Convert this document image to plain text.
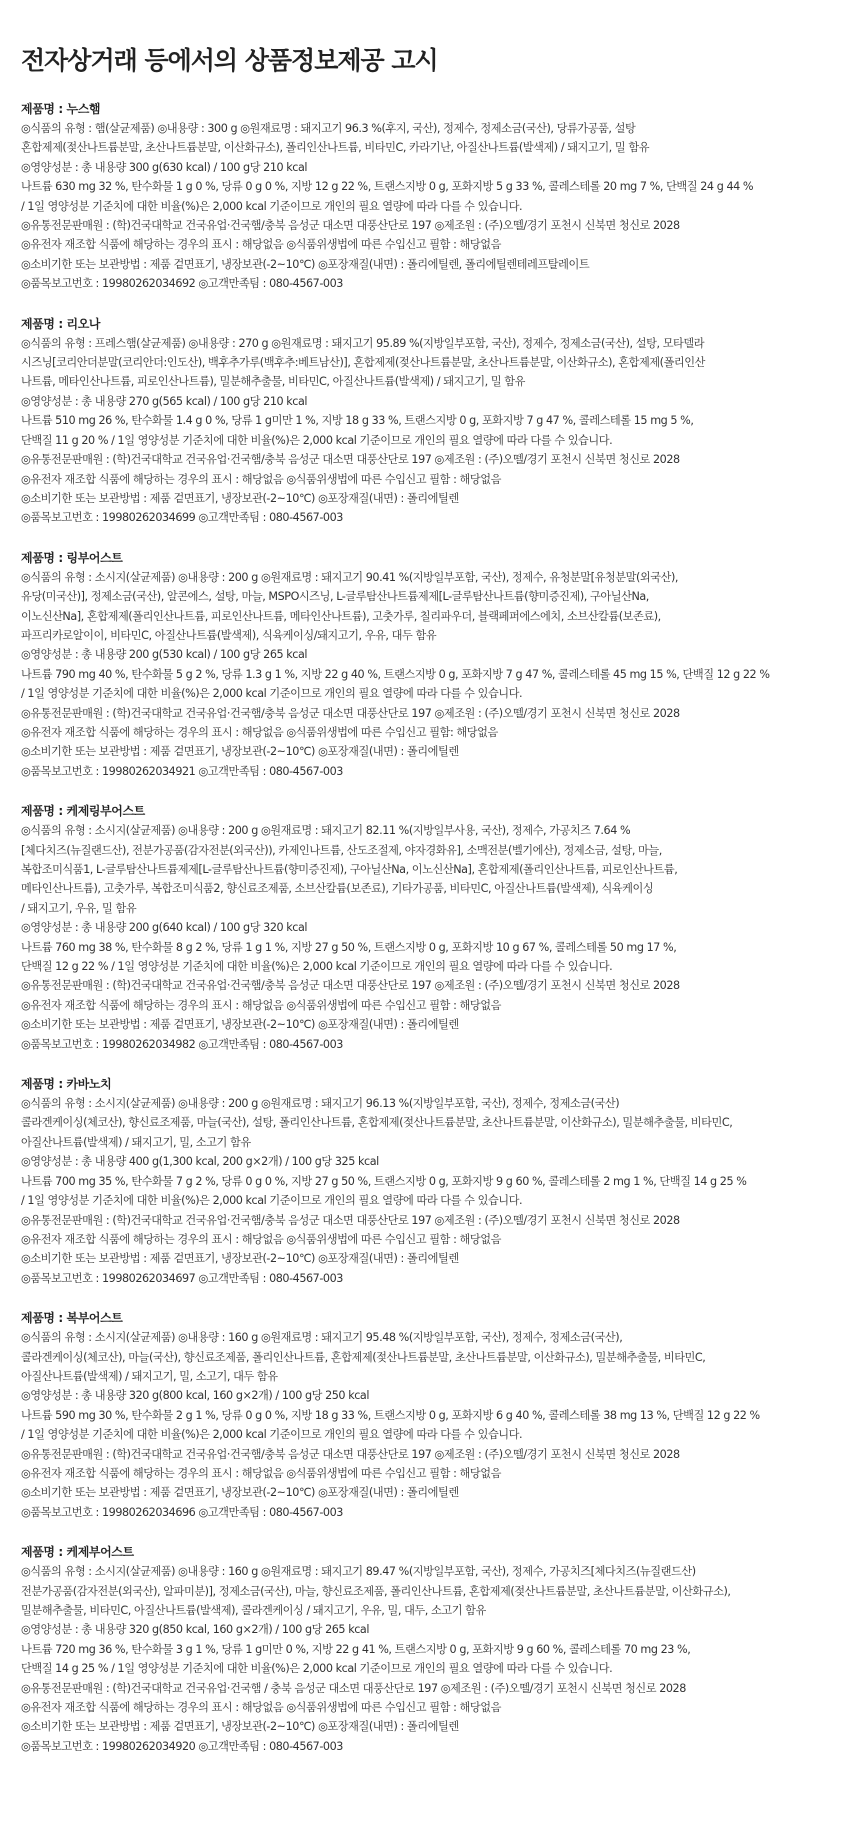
전자상거래 등에서의 상품정보제공 고시
제품명 : 누스햄

◎식품의 유형 : 햄(살균제품) ◎내용량 : 300 g ◎원재료명 : 돼지고기 96.3 %(후지, 국산), 정제수, 정제소금(국산), 당류가공품, 설탕

혼합제제(젖산나트륨분말, 초산나트륨분말, 이산화규소), 폴리인산나트륨, 비타민C, 카라기난, 아질산나트륨(발색제) / 돼지고기, 밀 함유

◎영양성분 : 총 내용량 300 g(630 kcal) / 100 g당 210 kcal

나트륨 630 mg 32 %, 탄수화물 1 g 0 %, 당류 0 g 0 %, 지방 12 g 22 %, 트랜스지방 0 g, 포화지방 5 g 33 %, 콜레스테롤 20 mg 7 %, 단백질 24 g 44 %

/ 1일 영양성분 기준치에 대한 비율(%)은 2,000 kcal 기준이므로 개인의 필요 열량에 따라 다를 수 있습니다.

◎유통전문판매원 : (학)건국대학교 건국유업·건국햄/충북 음성군 대소면 대풍산단로 197 ◎제조원 : (주)오뗄/경기 포천시 신북면 청신로 2028

◎유전자 재조합 식품에 해당하는 경우의 표시 : 해당없음 ◎식품위생법에 따른 수입신고 필함 : 해당없음

◎소비기한 또는 보관방법 : 제품 겉면표기, 냉장보관(-2~10℃) ◎포장재질(내면) : 폴리에틸렌, 폴리에틸렌테레프탈레이트

◎품목보고번호 : 19980262034692 ◎고객만족팀 : 080-4567-003

제품명 : 리오나

◎식품의 유형 : 프레스햄(살균제품) ◎내용량 : 270 g ◎원재료명 : 돼지고기 95.89 %(지방일부포함, 국산), 정제수, 정제소금(국산), 설탕, 모타델라

시즈닝[코리안더분말(코리안더:인도산), 백후추가루(백후추:베트남산)], 혼합제제(젖산나트륨분말, 초산나트륨분말, 이산화규소), 혼합제제(폴리인산

나트륨, 메타인산나트륨, 피로인산나트륨), 밀분해추출물, 비타민C, 아질산나트륨(발색제) / 돼지고기, 밀 함유

◎영양성분 : 총 내용량 270 g(565 kcal) / 100 g당 210 kcal

나트륨 510 mg 26 %, 탄수화물 1.4 g 0 %, 당류 1 g미만 1 %, 지방 18 g 33 %, 트랜스지방 0 g, 포화지방 7 g 47 %, 콜레스테롤 15 mg 5 %,

단백질 11 g 20 % / 1일 영양성분 기준치에 대한 비율(%)은 2,000 kcal 기준이므로 개인의 필요 열량에 따라 다를 수 있습니다.

◎유통전문판매원 : (학)건국대학교 건국유업·건국햄/충북 음성군 대소면 대풍산단로 197 ◎제조원 : (주)오뗄/경기 포천시 신북면 청신로 2028

◎유전자 재조합 식품에 해당하는 경우의 표시 : 해당없음 ◎식품위생법에 따른 수입신고 필함 : 해당없음

◎소비기한 또는 보관방법 : 제품 겉면표기, 냉장보관(-2~10℃) ◎포장재질(내면) : 폴리에틸렌

◎품목보고번호 : 19980262034699 ◎고객만족팀 : 080-4567-003

제품명 : 링부어스트

◎식품의 유형 : 소시지(살균제품) ◎내용량 : 200 g ◎원재료명 : 돼지고기 90.41 %(지방일부포함, 국산), 정제수, 유청분말[유청분말(외국산),

유당(미국산)], 정제소금(국산), 알콘에스, 설탕, 마늘, MSPO시즈닝, L-글루탐산나트륨제제[L-글루탐산나트륨(향미증진제), 구아닐산Na,

이노신산Na], 혼합제제(폴리인산나트륨, 피로인산나트륨, 메타인산나트륨), 고춧가루, 칠리파우더, 블랙페퍼에스에치, 소브산칼륨(보존료),

파프리카로알이이, 비타민C, 아질산나트륨(발색제), 식육케이싱/돼지고기, 우유, 대두 함유

◎영양성분 : 총 내용량 200 g(530 kcal) / 100 g당 265 kcal

나트륨 790 mg 40 %, 탄수화물 5 g 2 %, 당류 1.3 g 1 %, 지방 22 g 40 %, 트랜스지방 0 g, 포화지방 7 g 47 %, 콜레스테롤 45 mg 15 %, 단백질 12 g 22 %

/ 1일 영양성분 기준치에 대한 비율(%)은 2,000 kcal 기준이므로 개인의 필요 열량에 따라 다를 수 있습니다.

◎유통전문판매원 : (학)건국대학교 건국유업·건국햄/충북 음성군 대소면 대풍산단로 197 ◎제조원 : (주)오뗄/경기 포천시 신북면 청신로 2028

◎유전자 재조합 식품에 해당하는 경우의 표시 : 해당없음 ◎식품위생법에 따른 수입신고 필함: 해당없음

◎소비기한 또는 보관방법 : 제품 겉면표기, 냉장보관(-2~10℃) ◎포장재질(내면) : 폴리에틸렌

◎품목보고번호 : 19980262034921 ◎고객만족팀 : 080-4567-003

제품명 : 케제링부어스트

◎식품의 유형 : 소시지(살균제품) ◎내용량 : 200 g ◎원재료명 : 돼지고기 82.11 %(지방일부사용, 국산), 정제수, 가공치즈 7.64 %

[체다치즈(뉴질랜드산), 전분가공품(감자전분(외국산)), 카제인나트륨, 산도조절제, 야자경화유], 소맥전분(벨기에산), 정제소금, 설탕, 마늘,

복합조미식품1, L-글루탐산나트륨제제[L-글루탐산나트륨(향미증진제), 구아닐산Na, 이노신산Na], 혼합제제(폴리인산나트륨, 피로인산나트륨,

메타인산나트륨), 고춧가루, 복합조미식품2, 향신료조제품, 소브산칼륨(보존료), 기타가공품, 비타민C, 아질산나트륨(발색제), 식육케이싱

/ 돼지고기, 우유, 밀 함유

◎영양성분 : 총 내용량 200 g(640 kcal) / 100 g당 320 kcal

나트륨 760 mg 38 %, 탄수화물 8 g 2 %, 당류 1 g 1 %, 지방 27 g 50 %, 트랜스지방 0 g, 포화지방 10 g 67 %, 콜레스테롤 50 mg 17 %,

단백질 12 g 22 % / 1일 영양성분 기준치에 대한 비율(%)은 2,000 kcal 기준이므로 개인의 필요 열량에 따라 다를 수 있습니다.

◎유통전문판매원 : (학)건국대학교 건국유업·건국햄/충북 음성군 대소면 대풍산단로 197 ◎제조원 : (주)오뗄/경기 포천시 신북면 청신로 2028

◎유전자 재조합 식품에 해당하는 경우의 표시 : 해당없음 ◎식품위생법에 따른 수입신고 필함 : 해당없음

◎소비기한 또는 보관방법 : 제품 겉면표기, 냉장보관(-2~10℃) ◎포장재질(내면) : 폴리에틸렌

◎품목보고번호 : 19980262034982 ◎고객만족팀 : 080-4567-003

제품명 : 카바노치

◎식품의 유형 : 소시지(살균제품) ◎내용량 : 200 g ◎원재료명 : 돼지고기 96.13 %(지방일부포함, 국산), 정제수, 정제소금(국산)

콜라겐케이싱(체코산), 향신료조제품, 마늘(국산), 설탕, 폴리인산나트륨, 혼합제제(젖산나트륨분말, 초산나트륨분말, 이산화규소), 밀분해추출물, 비타민C,

아질산나트륨(발색제) / 돼지고기, 밀, 소고기 함유

◎영양성분 : 총 내용량 400 g(1,300 kcal, 200 g×2개) / 100 g당 325 kcal

나트륨 700 mg 35 %, 탄수화물 7 g 2 %, 당류 0 g 0 %, 지방 27 g 50 %, 트랜스지방 0 g, 포화지방 9 g 60 %, 콜레스테롤 2 mg 1 %, 단백질 14 g 25 %

/ 1일 영양성분 기준치에 대한 비율(%)은 2,000 kcal 기준이므로 개인의 필요 열량에 따라 다를 수 있습니다.

◎유통전문판매원 : (학)건국대학교 건국유업·건국햄/충북 음성군 대소면 대풍산단로 197 ◎제조원 : (주)오뗄/경기 포천시 신북면 청신로 2028

◎유전자 재조합 식품에 해당하는 경우의 표시 : 해당없음 ◎식품위생법에 따른 수입신고 필함 : 해당없음

◎소비기한 또는 보관방법 : 제품 겉면표기, 냉장보관(-2~10℃) ◎포장재질(내면) : 폴리에틸렌

◎품목보고번호 : 19980262034697 ◎고객만족팀 : 080-4567-003

제품명 : 복부어스트

◎식품의 유형 : 소시지(살균제품) ◎내용량 : 160 g ◎원재료명 : 돼지고기 95.48 %(지방일부포함, 국산), 정제수, 정제소금(국산),

콜라겐케이싱(체코산), 마늘(국산), 향신료조제품, 폴리인산나트륨, 혼합제제(젖산나트륨분말, 초산나트륨분말, 이산화규소), 밀분해추출물, 비타민C,

아질산나트륨(발색제) / 돼지고기, 밀, 소고기, 대두 함유

◎영양성분 : 총 내용량 320 g(800 kcal, 160 g×2개) / 100 g당 250 kcal

나트륨 590 mg 30 %, 탄수화물 2 g 1 %, 당류 0 g 0 %, 지방 18 g 33 %, 트랜스지방 0 g, 포화지방 6 g 40 %, 콜레스테롤 38 mg 13 %, 단백질 12 g 22 %

/ 1일 영양성분 기준치에 대한 비율(%)은 2,000 kcal 기준이므로 개인의 필요 열량에 따라 다를 수 있습니다.

◎유통전문판매원 : (학)건국대학교 건국유업·건국햄/충북 음성군 대소면 대풍산단로 197 ◎제조원 : (주)오뗄/경기 포천시 신북면 청신로 2028

◎유전자 재조합 식품에 해당하는 경우의 표시 : 해당없음 ◎식품위생법에 따른 수입신고 필함 : 해당없음

◎소비기한 또는 보관방법 : 제품 겉면표기, 냉장보관(-2~10℃) ◎포장재질(내면) : 폴리에틸렌

◎품목보고번호 : 19980262034696 ◎고객만족팀 : 080-4567-003

제품명 : 케제부어스트

◎식품의 유형 : 소시지(살균제품) ◎내용량 : 160 g ◎원재료명 : 돼지고기 89.47 %(지방일부포함, 국산), 정제수, 가공치즈[체다치즈(뉴질랜드산)

전분가공품(감자전분(외국산), 알파미분)], 정제소금(국산), 마늘, 향신료조제품, 폴리인산나트륨, 혼합제제(젖산나트륨분말, 초산나트륨분말, 이산화규소),

밀분해추출물, 비타민C, 아질산나트륨(발색제), 콜라겐케이싱 / 돼지고기, 우유, 밀, 대두, 소고기 함유

◎영양성분 : 총 내용량 320 g(850 kcal, 160 g×2개) / 100 g당 265 kcal

나트륨 720 mg 36 %, 탄수화물 3 g 1 %, 당류 1 g미만 0 %, 지방 22 g 41 %, 트랜스지방 0 g, 포화지방 9 g 60 %, 콜레스테롤 70 mg 23 %,

단백질 14 g 25 % / 1일 영양성분 기준치에 대한 비율(%)은 2,000 kcal 기준이므로 개인의 필요 열량에 따라 다를 수 있습니다.

◎유통전문판매원 : (학)건국대학교 건국유업·건국햄 / 충북 음성군 대소면 대풍산단로 197 ◎제조원 : (주)오뗄/경기 포천시 신북면 청신로 2028

◎유전자 재조합 식품에 해당하는 경우의 표시 : 해당없음 ◎식품위생법에 따른 수입신고 필함 : 해당없음

◎소비기한 또는 보관방법 : 제품 겉면표기, 냉장보관(-2~10℃) ◎포장재질(내면) : 폴리에틸렌

◎품목보고번호 : 19980262034920 ◎고객만족팀 : 080-4567-003
